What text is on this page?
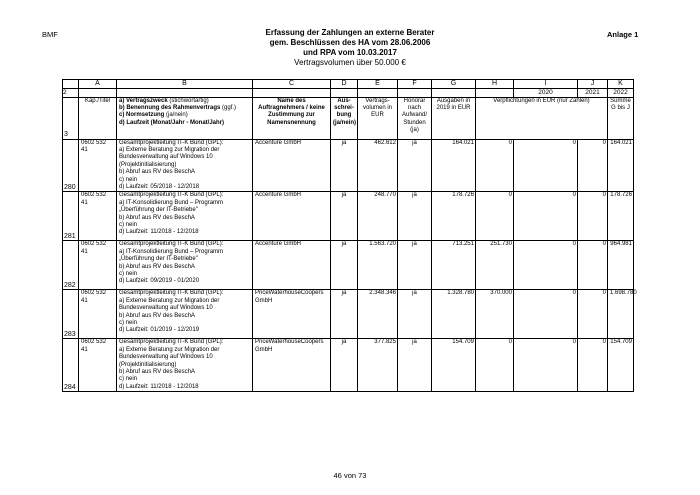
BMF	Anlage 1
Erfassung der Zahlungen an externe Berater
gem. Beschlüssen des HA vom 28.06.2006
und RPA vom 10.03.2017
Vertragsvolumen über 50.000 €
	A	B	C	D	E	F	G	H	I	J	K
2									2020	2021	2022
3	Kap./Titel	a) Vertragszweck (stichwortartig)
b) Benennung des Rahmenvertrags (ggf.)
c) Normsetzung (ja/nein)
d) Laufzeit (Monat/Jahr - Monat/Jahr)	Name des Auftragnehmers / keine Zustimmung zur Namensnennung	Aus-schrei-bung (ja/nein)	Vertrags-volumen in EUR	Honorar nach Aufwand/ Stunden (ja)	Ausgaben in 2019 in EUR	Verpflichtungen in EUR (nur Zahlen)			Summe G bis J
280	0602 532 41	Gesamtprojektleitung IT-K Bund (GPL):
a) Externe Beratung zur Migration der Bundesverwaltung auf Windows 10 (Projektinitialisierung)
b) Abruf aus RV des BeschA
c) nein
d) Laufzeit: 05/2018 - 12/2018	Accenture GmbH	ja	462.612	ja	164.021	0	0	0	164.021
281	0602 532 41	Gesamtprojektleitung IT-K Bund (GPL):
a) IT-Konsolidierung Bund – Programm „Überführung der IT-Betriebe"
b) Abruf aus RV des BeschA
c) nein
d) Laufzeit: 11/2018 - 12/2018	Accenture GmbH	ja	248.770	ja	178.726	0	0	0	178.726
282	0602 532 41	Gesamtprojektleitung IT-K Bund (GPL):
a) IT-Konsolidierung Bund – Programm „Überführung der IT-Betriebe"
b) Abruf aus RV des BeschA
c) nein
d) Laufzeit: 09/2019 - 01/2020	Accenture GmbH	ja	1.563.720	ja	713.251	251.730	0	0	964.981
283	0602 532 41	Gesamtprojektleitung IT-K Bund (GPL):
a) Externe Beratung zur Migration der Bundesverwaltung auf Windows 10
b) Abruf aus RV des BeschA
c) nein
d) Laufzeit: 01/2019 - 12/2019	PriceWaterhouseCoopers GmbH	ja	2.348.346	ja	1.328.780	370.000	0	0	1.698.780
284	0602 532 41	Gesamtprojektleitung IT-K Bund (GPL):
a) Externe Beratung zur Migration der Bundesverwaltung auf Windows 10 (Projektinitialisierung)
b) Abruf aus RV des BeschA
c) nein
d) Laufzeit: 11/2018 - 12/2018	PriceWaterhouseCoopers GmbH	ja	377.825	ja	154.709	0	0	0	154.709
46 von 73
